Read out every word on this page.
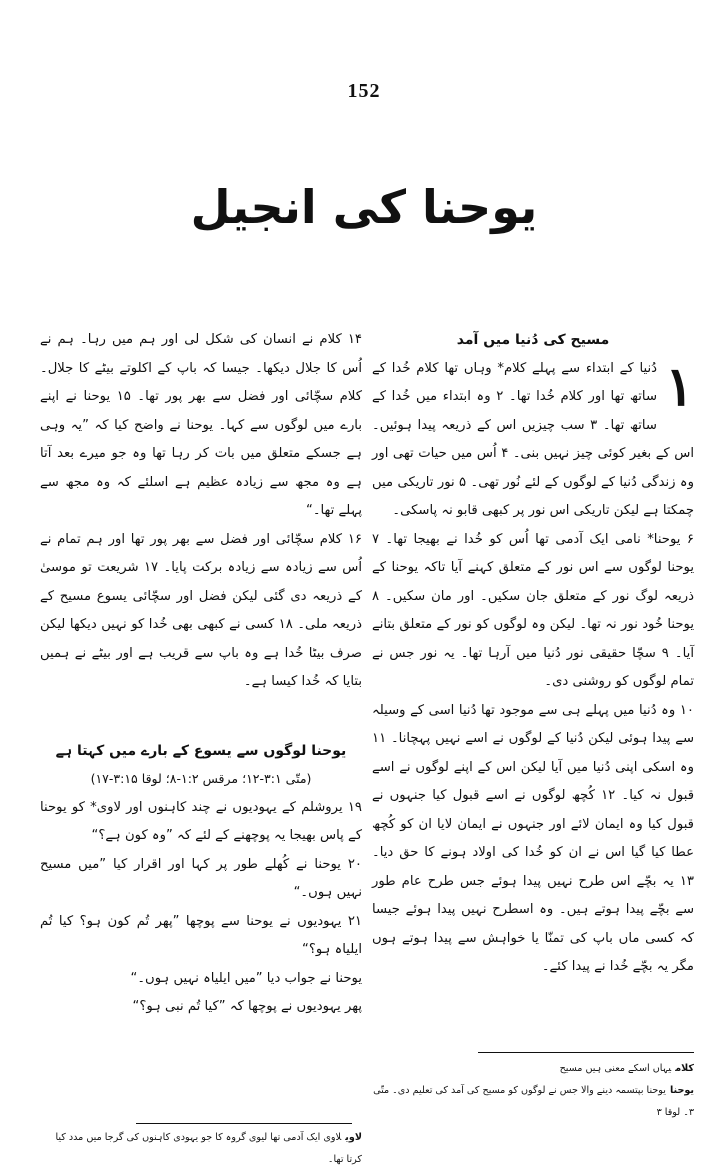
152
یوحنا کی انجیل

مسیح کی دُنیا میں آمد

۱

دُنیا کے ابتداء سے پہلے کلام* وہاں تھا کلام خُدا کے ساتھ تھا اور کلام خُدا تھا۔ ۲ وہ ابتداء میں خُدا کے ساتھ تھا۔ ۳ سب چیزیں اس کے ذریعہ پیدا ہوئیں۔ اس کے بغیر کوئی چیز نہیں بنی۔ ۴ اُس میں حیات تھی اور وہ زندگی دُنیا کے لوگوں کے لئے نُور تھی۔ ۵ نور تاریکی میں چمکتا ہے لیکن تاریکی اس نور پر کبھی قابو نہ پاسکی۔

۶ یوحنا* نامی ایک آدمی تھا اُس کو خُدا نے بھیجا تھا۔ ۷ یوحنا لوگوں سے اس نور کے متعلق کہنے آیا تاکہ یوحنا کے ذریعہ لوگ نور کے متعلق جان سکیں۔ اور مان سکیں۔ ۸ یوحنا خُود نور نہ تھا۔ لیکن وہ لوگوں کو نور کے متعلق بتانے آیا۔ ۹ سچّا حقیقی نور دُنیا میں آرہا تھا۔ یہ نور جس نے تمام لوگوں کو روشنی دی۔

۱۰ وہ دُنیا میں پہلے ہی سے موجود تھا دُنیا اسی کے وسیلہ سے پیدا ہوئی لیکن دُنیا کے لوگوں نے اسے نہیں پہچانا۔ ۱۱ وہ اسکی اپنی دُنیا میں آیا لیکن اس کے اپنے لوگوں نے اسے قبول نہ کیا۔ ۱۲ کُچھ لوگوں نے اسے قبول کیا جنہوں نے قبول کیا وہ ایمان لائے اور جنہوں نے ایمان لایا ان کو کُچھ عطا کیا گیا اس نے ان کو خُدا کی اولاد ہونے کا حق دیا۔ ۱۳ یہ بچّے اس طرح نہیں پیدا ہوئے جس طرح عام طور سے بچّے پیدا ہوتے ہیں۔ وہ اسطرح نہیں پیدا ہوئے جیسا کہ کسی ماں باپ کی تمنّا یا خواہش سے پیدا ہوتے ہوں مگر یہ بچّے خُدا نے پیدا کئے۔

۱۴ کلام نے انسان کی شکل لی اور ہم میں رہا۔ ہم نے اُس کا جلال دیکھا۔ جیسا کہ باپ کے اکلوتے بیٹے کا جلال۔ کلام سچّائی اور فضل سے بھر پور تھا۔ ۱۵ یوحنا نے اپنے بارے میں لوگوں سے کہا۔ یوحنا نے واضح کیا کہ ”یہ وہی ہے جسکے متعلق میں بات کر رہا تھا وہ جو میرے بعد آتا ہے وہ مجھ سے زیادہ عظیم ہے اسلئے کہ وہ مجھ سے پہلے تھا۔“

۱۶ کلام سچّائی اور فضل سے بھر پور تھا اور ہم تمام نے اُس سے زیادہ سے زیادہ برکت پایا۔ ۱۷ شریعت تو موسیٰ کے ذریعہ دی گئی لیکن فضل اور سچّائی یسوع مسیح کے ذریعہ ملی۔ ۱۸ کسی نے کبھی بھی خُدا کو نہیں دیکھا لیکن صرف بیٹا خُدا ہے وہ باپ سے قریب ہے اور بیٹے نے ہمیں بتایا کہ خُدا کیسا ہے۔

یوحنا لوگوں سے یسوع کے بارے میں کہتا ہے

(متّی ۳:۱-۱۲؛ مرقس ۱:۲-۸؛ لوقا ۳:۱۵-۱۷)

۱۹ یروشلم کے یہودیوں نے چند کاہنوں اور لاوی* کو یوحنا کے پاس بھیجا یہ پوچھنے کے لئے کہ ”وہ کون ہے؟“

۲۰ یوحنا نے کُھلے طور پر کہا اور اقرار کیا ”میں مسیح نہیں ہوں۔“

۲۱ یہودیوں نے یوحنا سے پوچھا ”پھر تُم کون ہو؟ کیا تُم ایلیاہ ہو؟“

یوحنا نے جواب دیا ”میں ایلیاہ نہیں ہوں۔“

پھر یہودیوں نے پوچھا کہ ”کیا تُم نبی ہو؟“

کلامیہاں اسکے معنی ہیں مسیح

یوحنایوحنا بپتسمہ دینے والا جس نے لوگوں کو مسیح کی آمد کی تعلیم دی۔ متّی ۳۔ لوقا ۳

لاویلاوی ایک آدمی تھا لیوی گروہ کا جو یہودی کاہنوں کی گرجا میں مدد کیا کرتا تھا۔
